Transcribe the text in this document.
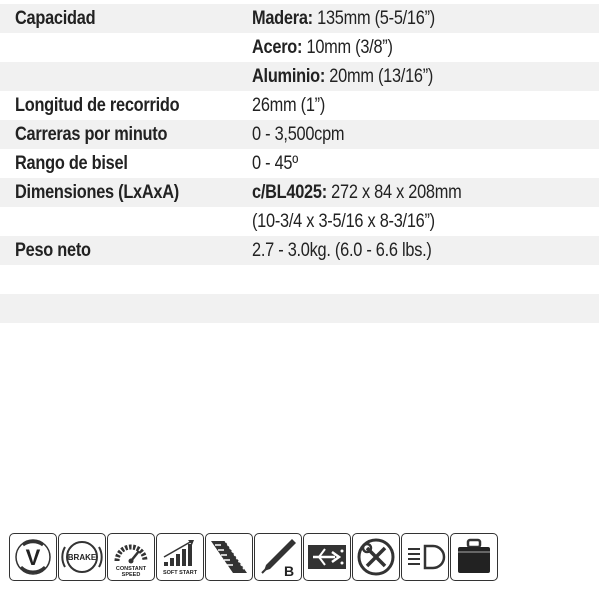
Capacidad	Madera: 135mm (5-5/16”)
Acero: 10mm (3/8”)
Aluminio: 20mm (13/16”)
Longitud de recorrido	26mm (1”)
Carreras por minuto	0 - 3,500cpm
Rango de bisel	0 - 45º
Dimensiones (LxAxA)	c/BL4025: 272 x 84 x 208mm
(10-3/4 x 3-5/16 x 8-3/16”)
Peso neto	2.7 - 3.0kg. (6.0 - 6.6 lbs.)
V	BRAKE
CONSTANT
SPEED	SOFT START	B
